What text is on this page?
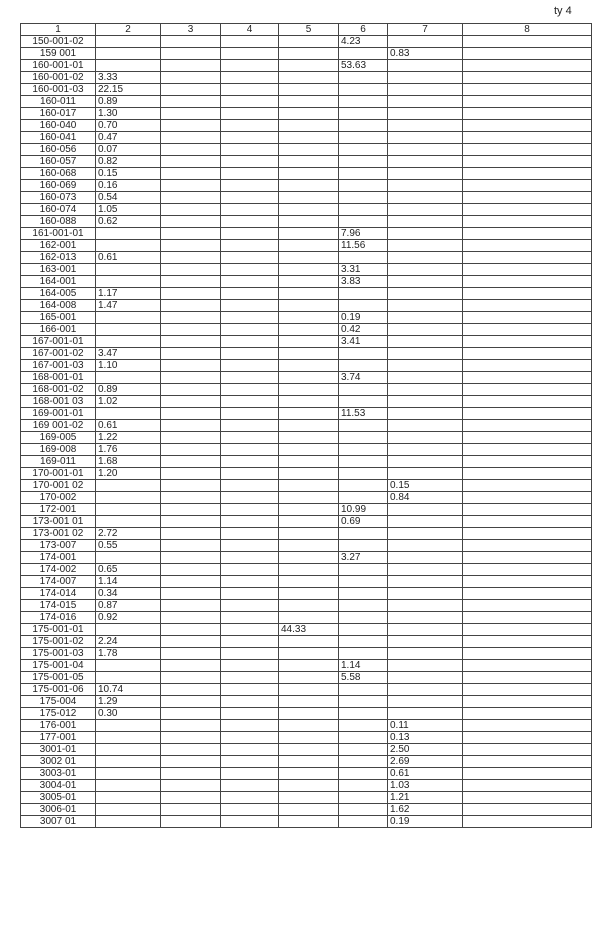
ty 4
1	2	3	4	5	6	7	8
150-001-02					4.23		
159 001						0.83	
160-001-01					53.63		
160-001-02	3.33						
160-001-03	22.15						
160-011	0.89						
160-017	1.30						
160-040	0.70						
160-041	0.47						
160-056	0.07						
160-057	0.82						
160-068	0.15						
160-069	0.16						
160-073	0.54						
160-074	1.05						
160-088	0.62						
161-001-01					7.96		
162-001					11.56		
162-013	0.61						
163-001					3.31		
164-001					3.83		
164-005	1.17						
164-008	1.47						
165-001					0.19		
166-001					0.42		
167-001-01					3.41		
167-001-02	3.47						
167-001-03	1.10						
168-001-01					3.74		
168-001-02	0.89						
168-001 03	1.02						
169-001-01					11.53		
169 001-02	0.61						
169-005	1.22						
169-008	1.76						
169-011	1.68						
170-001-01	1.20						
170-001 02						0.15	
170-002						0.84	
172-001					10.99		
173-001 01					0.69		
173-001 02	2.72						
173-007	0.55						
174-001					3.27		
174-002	0.65						
174-007	1.14						
174-014	0.34						
174-015	0.87						
174-016	0.92						
175-001-01				44.33			
175-001-02	2.24						
175-001-03	1.78						
175-001-04					1.14		
175-001-05					5.58		
175-001-06	10.74						
175-004	1.29						
175-012	0.30						
176-001						0.11	
177-001						0.13	
3001-01						2.50	
3002 01						2.69	
3003-01						0.61	
3004-01						1.03	
3005-01						1.21	
3006-01						1.62	
3007 01						0.19	
